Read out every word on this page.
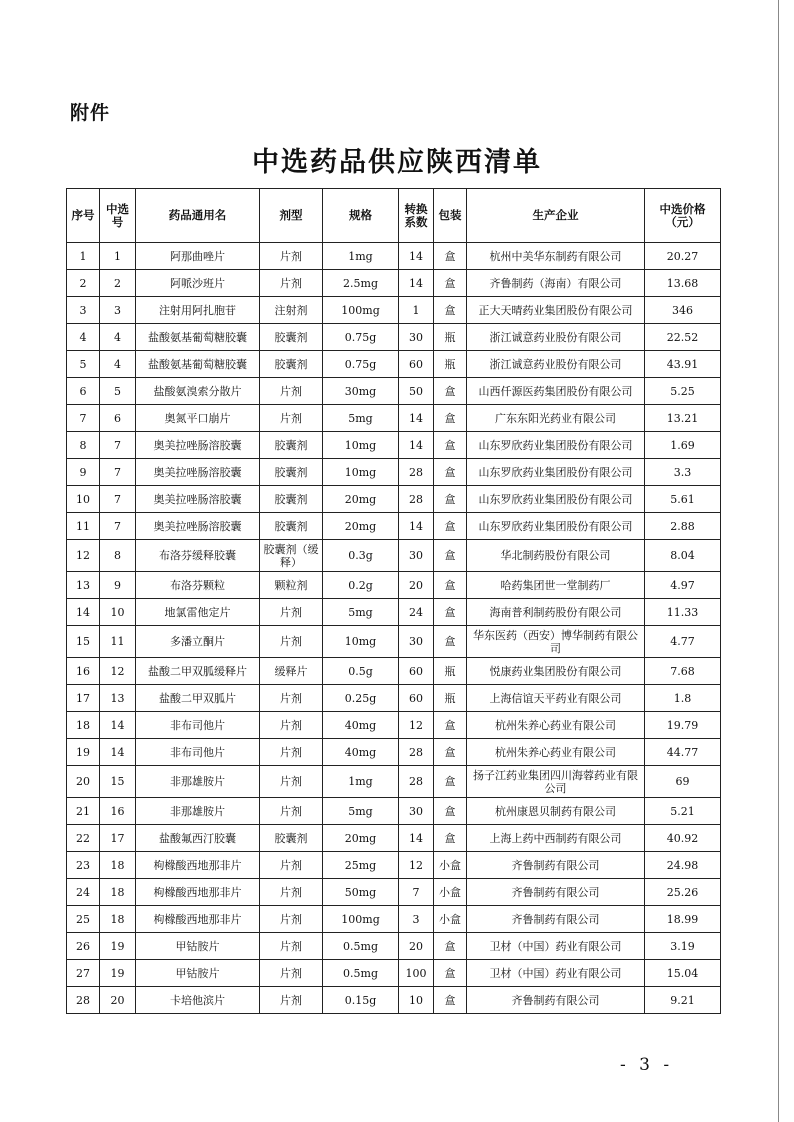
附件
中选药品供应陕西清单
序号	中选号	药品通用名	剂型	规格	转换系数	包装	生产企业	中选价格（元）
1	1	阿那曲唑片	片剂	1mg	14	盒	杭州中美华东制药有限公司	20.27
2	2	阿哌沙班片	片剂	2.5mg	14	盒	齐鲁制药（海南）有限公司	13.68
3	3	注射用阿扎胞苷	注射剂	100mg	1	盒	正大天晴药业集团股份有限公司	346
4	4	盐酸氨基葡萄糖胶囊	胶囊剂	0.75g	30	瓶	浙江诚意药业股份有限公司	22.52
5	4	盐酸氨基葡萄糖胶囊	胶囊剂	0.75g	60	瓶	浙江诚意药业股份有限公司	43.91
6	5	盐酸氨溴索分散片	片剂	30mg	50	盒	山西仟源医药集团股份有限公司	5.25
7	6	奥氮平口崩片	片剂	5mg	14	盒	广东东阳光药业有限公司	13.21
8	7	奥美拉唑肠溶胶囊	胶囊剂	10mg	14	盒	山东罗欣药业集团股份有限公司	1.69
9	7	奥美拉唑肠溶胶囊	胶囊剂	10mg	28	盒	山东罗欣药业集团股份有限公司	3.3
10	7	奥美拉唑肠溶胶囊	胶囊剂	20mg	28	盒	山东罗欣药业集团股份有限公司	5.61
11	7	奥美拉唑肠溶胶囊	胶囊剂	20mg	14	盒	山东罗欣药业集团股份有限公司	2.88
12	8	布洛芬缓释胶囊	胶囊剂（缓释）	0.3g	30	盒	华北制药股份有限公司	8.04
13	9	布洛芬颗粒	颗粒剂	0.2g	20	盒	哈药集团世一堂制药厂	4.97
14	10	地氯雷他定片	片剂	5mg	24	盒	海南普利制药股份有限公司	11.33
15	11	多潘立酮片	片剂	10mg	30	盒	华东医药（西安）博华制药有限公司	4.77
16	12	盐酸二甲双胍缓释片	缓释片	0.5g	60	瓶	悦康药业集团股份有限公司	7.68
17	13	盐酸二甲双胍片	片剂	0.25g	60	瓶	上海信谊天平药业有限公司	1.8
18	14	非布司他片	片剂	40mg	12	盒	杭州朱养心药业有限公司	19.79
19	14	非布司他片	片剂	40mg	28	盒	杭州朱养心药业有限公司	44.77
20	15	非那雄胺片	片剂	1mg	28	盒	扬子江药业集团四川海蓉药业有限公司	69
21	16	非那雄胺片	片剂	5mg	30	盒	杭州康恩贝制药有限公司	5.21
22	17	盐酸氟西汀胶囊	胶囊剂	20mg	14	盒	上海上药中西制药有限公司	40.92
23	18	枸橼酸西地那非片	片剂	25mg	12	小盒	齐鲁制药有限公司	24.98
24	18	枸橼酸西地那非片	片剂	50mg	7	小盒	齐鲁制药有限公司	25.26
25	18	枸橼酸西地那非片	片剂	100mg	3	小盒	齐鲁制药有限公司	18.99
26	19	甲钴胺片	片剂	0.5mg	20	盒	卫材（中国）药业有限公司	3.19
27	19	甲钴胺片	片剂	0.5mg	100	盒	卫材（中国）药业有限公司	15.04
28	20	卡培他滨片	片剂	0.15g	10	盒	齐鲁制药有限公司	9.21
- 3 -
